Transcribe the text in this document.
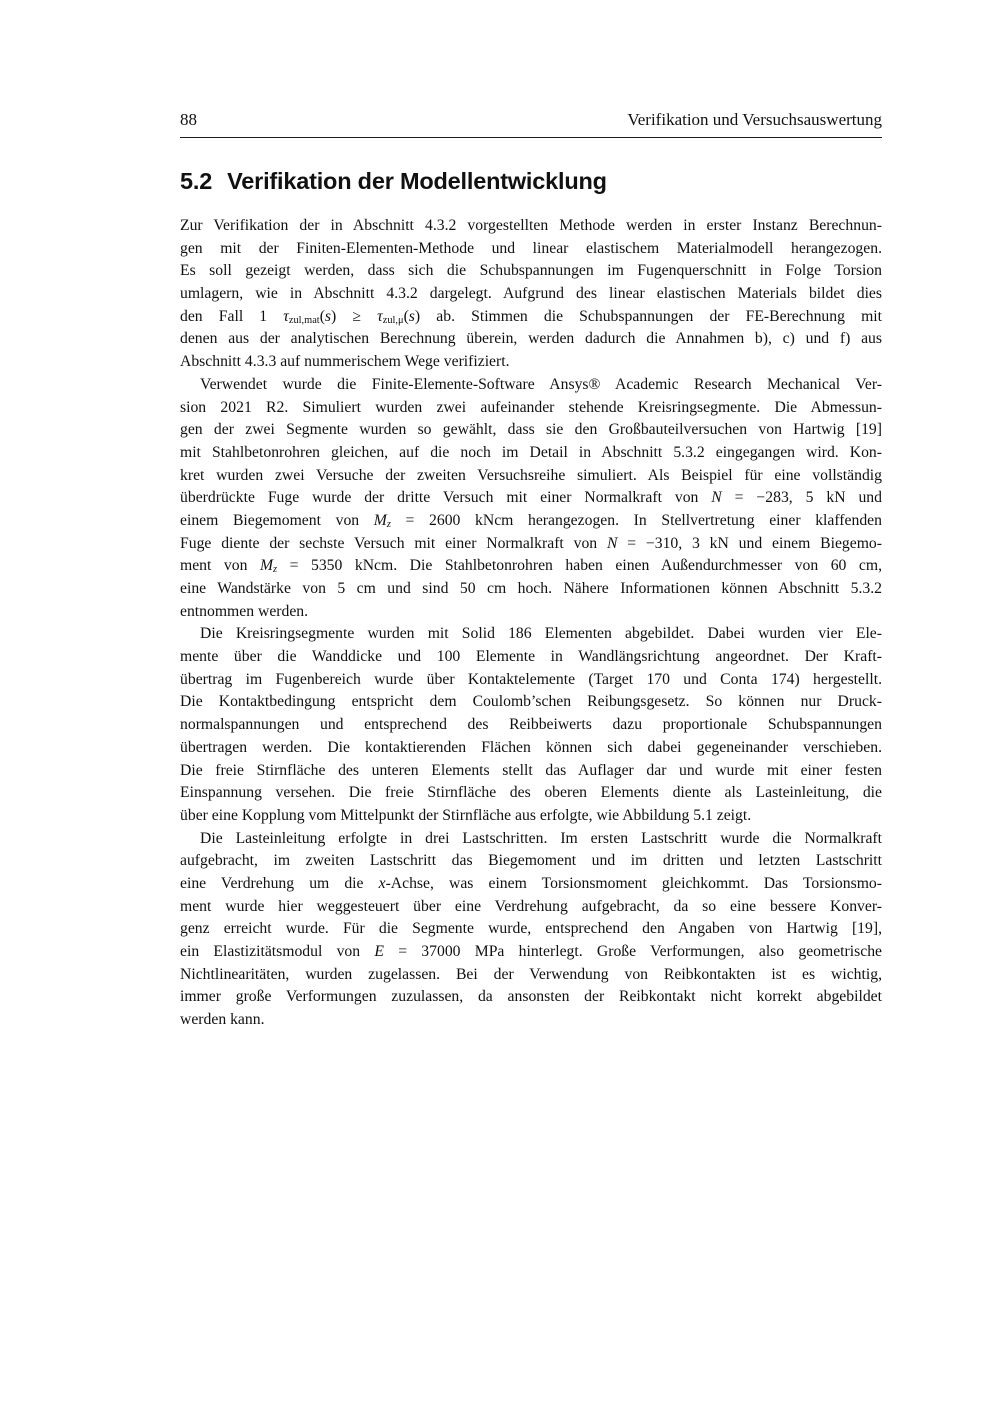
88	Verifikation und Versuchsauswertung
5.2 Verifikation der Modellentwicklung
Zur Verifikation der in Abschnitt 4.3.2 vorgestellten Methode werden in erster Instanz Berechnun-
gen mit der Finiten-Elementen-Methode und linear elastischem Materialmodell herangezogen.
Es soll gezeigt werden, dass sich die Schubspannungen im Fugenquerschnitt in Folge Torsion
umlagern, wie in Abschnitt 4.3.2 dargelegt. Aufgrund des linear elastischen Materials bildet dies
den Fall 1 $\tau_{zul,mat}(s) \ge \tau_{zul,\mu}(s)$ ab. Stimmen die Schubspannungen der FE-Berechnung mit
denen aus der analytischen Berechnung überein, werden dadurch die Annahmen b), c) und f) aus
Abschnitt 4.3.3 auf nummerischem Wege verifiziert.
Verwendet wurde die Finite-Elemente-Software Ansys® Academic Research Mechanical Ver-
sion 2021 R2. Simuliert wurden zwei aufeinander stehende Kreisringsegmente. Die Abmessun-
gen der zwei Segmente wurden so gewählt, dass sie den Großbauteilversuchen von Hartwig [19]
mit Stahlbetonrohren gleichen, auf die noch im Detail in Abschnitt 5.3.2 eingegangen wird. Kon-
kret wurden zwei Versuche der zweiten Versuchsreihe simuliert. Als Beispiel für eine vollständig
überdrückte Fuge wurde der dritte Versuch mit einer Normalkraft von N = −283, 5 kN und
einem Biegemoment von $M_z = 2600$ kNcm herangezogen. In Stellvertretung einer klaffenden
Fuge diente der sechste Versuch mit einer Normalkraft von N = −310, 3 kN und einem Biegemo-
ment von $M_z = 5350$ kNcm. Die Stahlbetonrohren haben einen Außendurchmesser von 60 cm,
eine Wandstärke von 5 cm und sind 50 cm hoch. Nähere Informationen können Abschnitt 5.3.2
entnommen werden.
Die Kreisringsegmente wurden mit Solid 186 Elementen abgebildet. Dabei wurden vier Ele-
mente über die Wanddicke und 100 Elemente in Wandlängsrichtung angeordnet. Der Kraft-
übertrag im Fugenbereich wurde über Kontaktelemente (Target 170 und Conta 174) hergestellt.
Die Kontaktbedingung entspricht dem Coulomb’schen Reibungsgesetz. So können nur Druck-
normalspannungen und entsprechend des Reibbeiwerts dazu proportionale Schubspannungen
übertragen werden. Die kontaktierenden Flächen können sich dabei gegeneinander verschieben.
Die freie Stirnfläche des unteren Elements stellt das Auflager dar und wurde mit einer festen
Einspannung versehen. Die freie Stirnfläche des oberen Elements diente als Lasteinleitung, die
über eine Kopplung vom Mittelpunkt der Stirnfläche aus erfolgte, wie Abbildung 5.1 zeigt.
Die Lasteinleitung erfolgte in drei Lastschritten. Im ersten Lastschritt wurde die Normalkraft
aufgebracht, im zweiten Lastschritt das Biegemoment und im dritten und letzten Lastschritt
eine Verdrehung um die x-Achse, was einem Torsionsmoment gleichkommt. Das Torsionsmo-
ment wurde hier weggesteuert über eine Verdrehung aufgebracht, da so eine bessere Konver-
genz erreicht wurde. Für die Segmente wurde, entsprechend den Angaben von Hartwig [19],
ein Elastizitätsmodul von E = 37000 MPa hinterlegt. Große Verformungen, also geometrische
Nichtlinearitäten, wurden zugelassen. Bei der Verwendung von Reibkontakten ist es wichtig,
immer große Verformungen zuzulassen, da ansonsten der Reibkontakt nicht korrekt abgebildet
werden kann.
